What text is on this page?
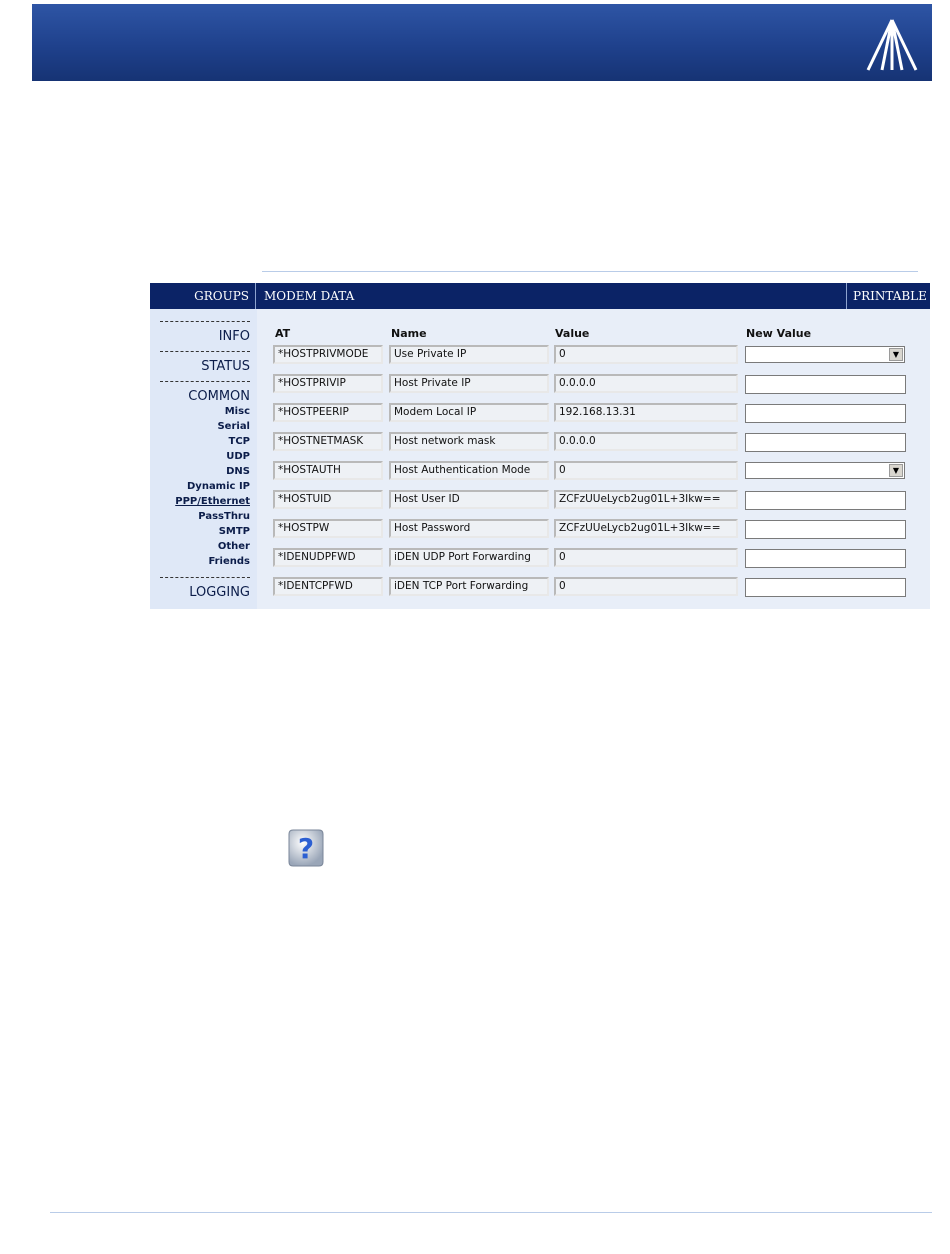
GROUPS	MODEM DATA	PRINTABLE V
INFO
STATUS
COMMON
Misc
Serial
TCP
UDP
DNS
Dynamic IP
PPP/Ethernet
PassThru
SMTP
Other
Friends
LOGGING
AT	Name	Value	New Value
*HOSTPRIVMODE	Use Private IP	0	▼
*HOSTPRIVIP	Host Private IP	0.0.0.0
*HOSTPEERIP	Modem Local IP	192.168.13.31
*HOSTNETMASK	Host network mask	0.0.0.0
*HOSTAUTH	Host Authentication Mode	0	▼
*HOSTUID	Host User ID	ZCFzUUeLycb2ug01L+3Ikw==
*HOSTPW	Host Password	ZCFzUUeLycb2ug01L+3Ikw==
*IDENUDPFWD	iDEN UDP Port Forwarding	0
*IDENTCPFWD	iDEN TCP Port Forwarding	0
?
